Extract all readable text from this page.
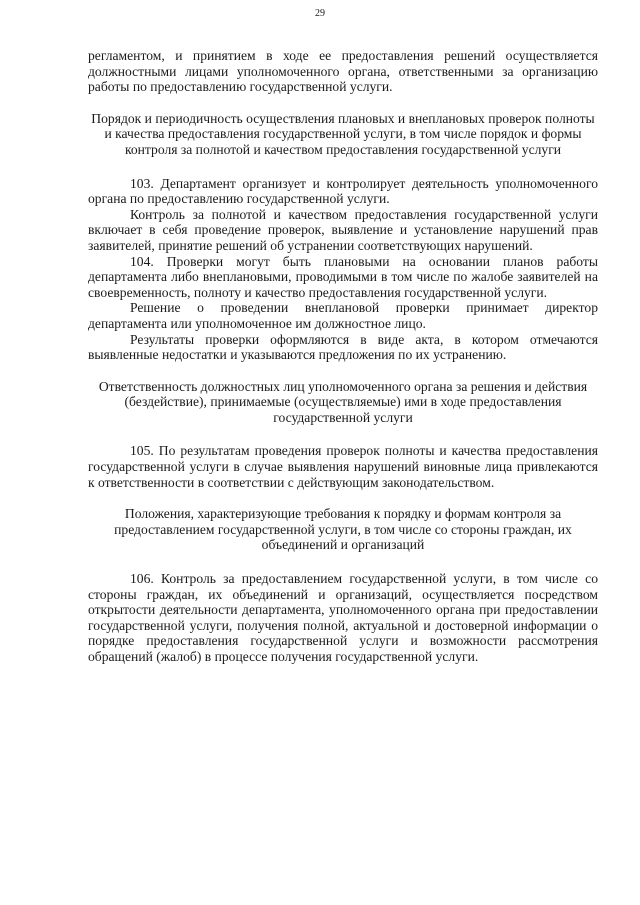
29

регламентом, и принятием в ходе ее предоставления решений осуществляется должностными лицами уполномоченного органа, ответственными за организацию работы по предоставлению государственной услуги.

Порядок и периодичность осуществления плановых и внеплановых проверок полноты и качества предоставления государственной услуги, в том числе порядок и формы контроля за полнотой и качеством предоставления государственной услуги

103. Департамент организует и контролирует деятельность уполномоченного органа по предоставлению государственной услуги.

Контроль за полнотой и качеством предоставления государственной услуги включает в себя проведение проверок, выявление и установление нарушений прав заявителей, принятие решений об устранении соответствующих нарушений.

104. Проверки могут быть плановыми на основании планов работы департамента либо внеплановыми, проводимыми в том числе по жалобе заявителей на своевременность, полноту и качество предоставления государственной услуги.

Решение о проведении внеплановой проверки принимает директор департамента или уполномоченное им должностное лицо.

Результаты проверки оформляются в виде акта, в котором отмечаются выявленные недостатки и указываются предложения по их устранению.

Ответственность должностных лиц уполномоченного органа за решения и действия (бездействие), принимаемые (осуществляемые) ими в ходе предоставления государственной услуги

105. По результатам проведения проверок полноты и качества предоставления государственной услуги в случае выявления нарушений виновные лица привлекаются к ответственности в соответствии с действующим законодательством.

Положения, характеризующие требования к порядку и формам контроля за предоставлением государственной услуги, в том числе со стороны граждан, их объединений и организаций

106. Контроль за предоставлением государственной услуги, в том числе со стороны граждан, их объединений и организаций, осуществляется посредством открытости деятельности департамента, уполномоченного органа при предоставлении государственной услуги, получения полной, актуальной и достоверной информации о порядке предоставления государственной услуги и возможности рассмотрения обращений (жалоб) в процессе получения государственной услуги.
